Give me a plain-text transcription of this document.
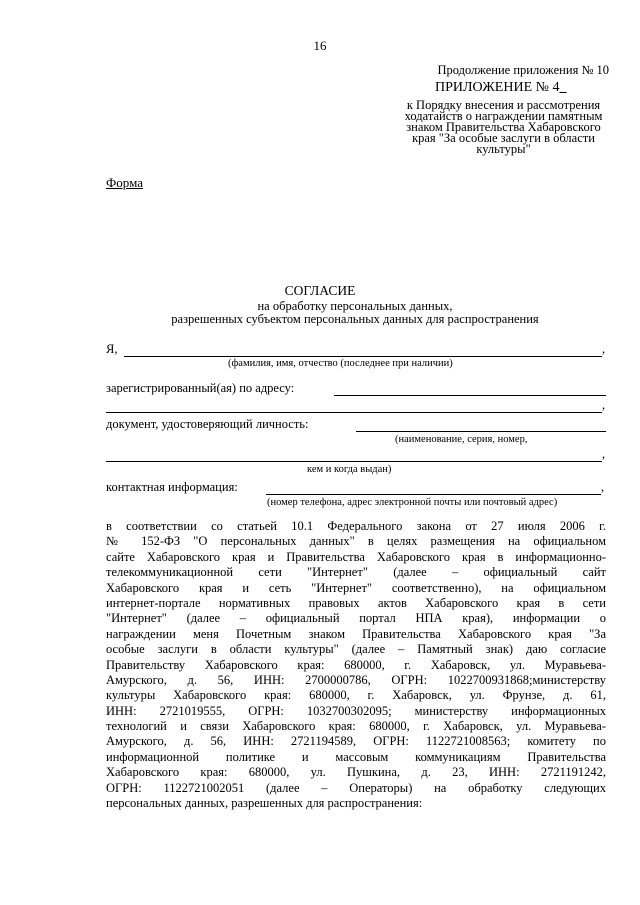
16
Продолжение приложения № 10
ПРИЛОЖЕНИЕ № 4_
к Порядку внесения и рассмотрения
ходатайств о награждении памятным
знаком Правительства Хабаровского
края "За особые заслуги в области
культуры"
Форма
СОГЛАСИЕ
на обработку персональных данных,
разрешенных субъектом персональных данных для распространения
Я,	,
(фамилия, имя, отчество (последнее при наличии)
зарегистрированный(ая) по адресу:
,
документ, удостоверяющий личность:
(наименование, серия, номер,
,
кем и когда выдан)
контактная информация:	,
(номер телефона, адрес электронной почты или почтовый адрес)
в соответствии со статьей 10.1 Федерального закона от 27 июля 2006 г.
№ 152-ФЗ "О персональных данных" в целях размещения на официальном
сайте Хабаровского края и Правительства Хабаровского края в информационно-
телекоммуникационной сети "Интернет" (далее – официальный сайт
Хабаровского края и сеть "Интернет" соответственно), на официальном
интернет-портале нормативных правовых актов Хабаровского края в сети
"Интернет" (далее – официальный портал НПА края), информации о
награждении меня Почетным знаком Правительства Хабаровского края "За
особые заслуги в области культуры" (далее – Памятный знак) даю согласие
Правительству Хабаровского края: 680000, г. Хабаровск, ул. Муравьева-
Амурского, д. 56, ИНН: 2700000786, ОГРН: 1022700931868;министерству
культуры Хабаровского края: 680000, г. Хабаровск, ул. Фрунзе, д. 61,
ИНН: 2721019555, ОГРН: 1032700302095; министерству информационных
технологий и связи Хабаровского края: 680000, г. Хабаровск, ул. Муравьева-
Амурского, д. 56, ИНН: 2721194589, ОГРН: 1122721008563; комитету по
информационной политике и массовым коммуникациям Правительства
Хабаровского края: 680000, ул. Пушкина, д. 23, ИНН: 2721191242,
ОГРН: 1122721002051 (далее – Операторы) на обработку следующих
персональных данных, разрешенных для распространения:
